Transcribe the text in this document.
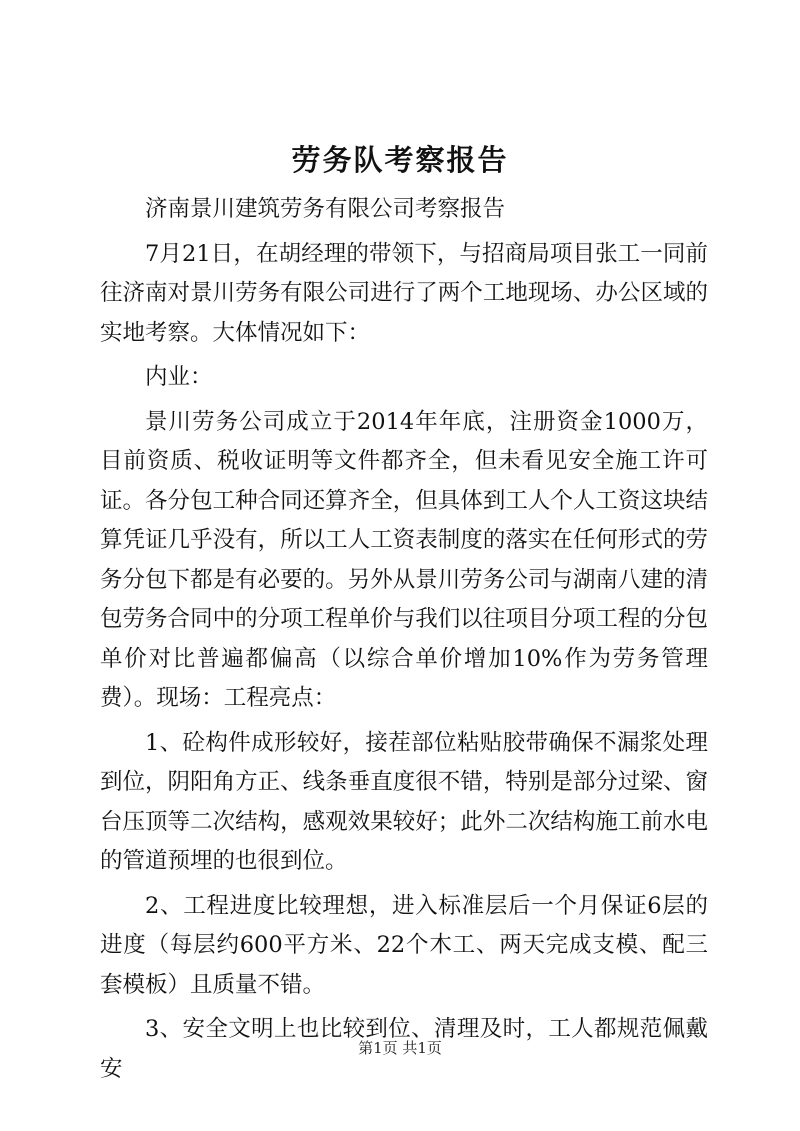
劳务队考察报告

济南景川建筑劳务有限公司考察报告

7月21日，在胡经理的带领下，与招商局项目张工一同前往济南对景川劳务有限公司进行了两个工地现场、办公区域的实地考察。大体情况如下：

内业：

景川劳务公司成立于2014年年底，注册资金1000万，目前资质、税收证明等文件都齐全，但未看见安全施工许可证。各分包工种合同还算齐全，但具体到工人个人工资这块结算凭证几乎没有，所以工人工资表制度的落实在任何形式的劳务分包下都是有必要的。另外从景川劳务公司与湖南八建的清包劳务合同中的分项工程单价与我们以往项目分项工程的分包单价对比普遍都偏高（以综合单价增加10%作为劳务管理费）。现场：工程亮点：

1、砼构件成形较好，接茬部位粘贴胶带确保不漏浆处理到位，阴阳角方正、线条垂直度很不错，特别是部分过梁、窗台压顶等二次结构，感观效果较好；此外二次结构施工前水电的管道预埋的也很到位。

2、工程进度比较理想，进入标准层后一个月保证6层的进度（每层约600平方米、22个木工、两天完成支模、配三套模板）且质量不错。

3、安全文明上也比较到位、清理及时，工人都规范佩戴安

第1页 共1页
